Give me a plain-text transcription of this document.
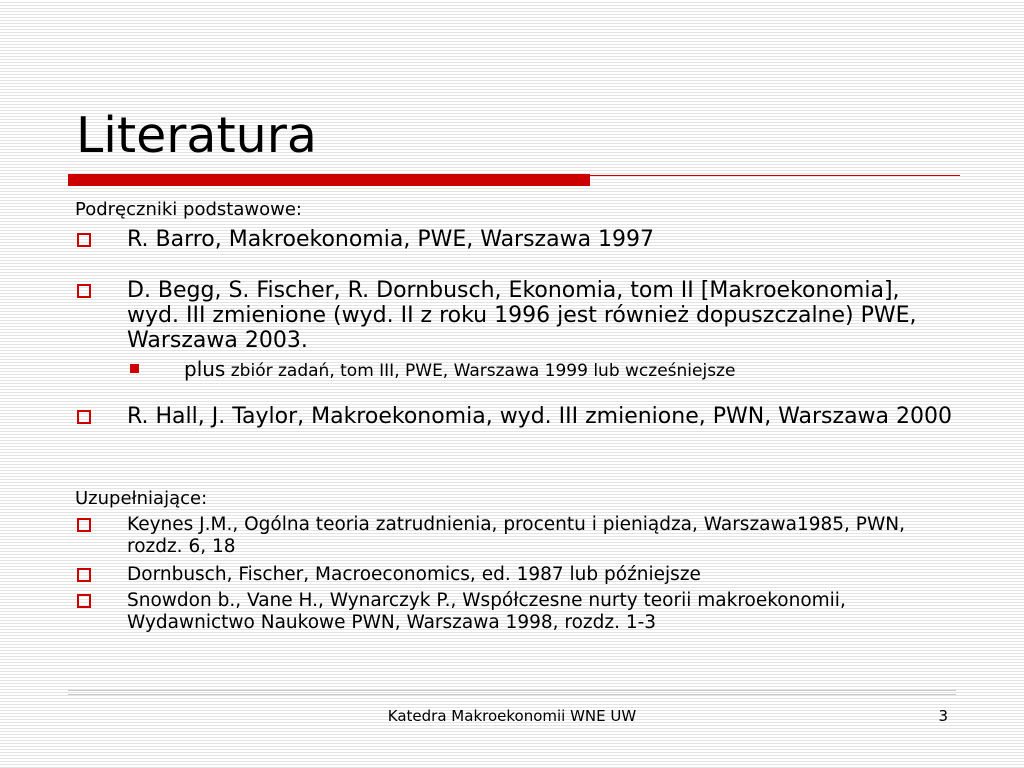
Literatura
Podręczniki podstawowe:
R. Barro, Makroekonomia, PWE, Warszawa 1997
D. Begg, S. Fischer, R. Dornbusch, Ekonomia, tom II [Makroekonomia], wyd. III zmienione (wyd. II z roku 1996 jest również dopuszczalne) PWE, Warszawa 2003.
plus zbiór zadań, tom III, PWE, Warszawa 1999 lub wcześniejsze
R. Hall, J. Taylor, Makroekonomia, wyd. III zmienione, PWN, Warszawa 2000
Uzupełniające:
Keynes J.M., Ogólna teoria zatrudnienia, procentu i pieniądza, Warszawa1985, PWN, rozdz. 6, 18
Dornbusch, Fischer, Macroeconomics, ed. 1987 lub późniejsze
Snowdon b., Vane H., Wynarczyk P., Współczesne nurty teorii makroekonomii, Wydawnictwo Naukowe PWN, Warszawa 1998, rozdz. 1-3
Katedra Makroekonomii WNE UW	3
